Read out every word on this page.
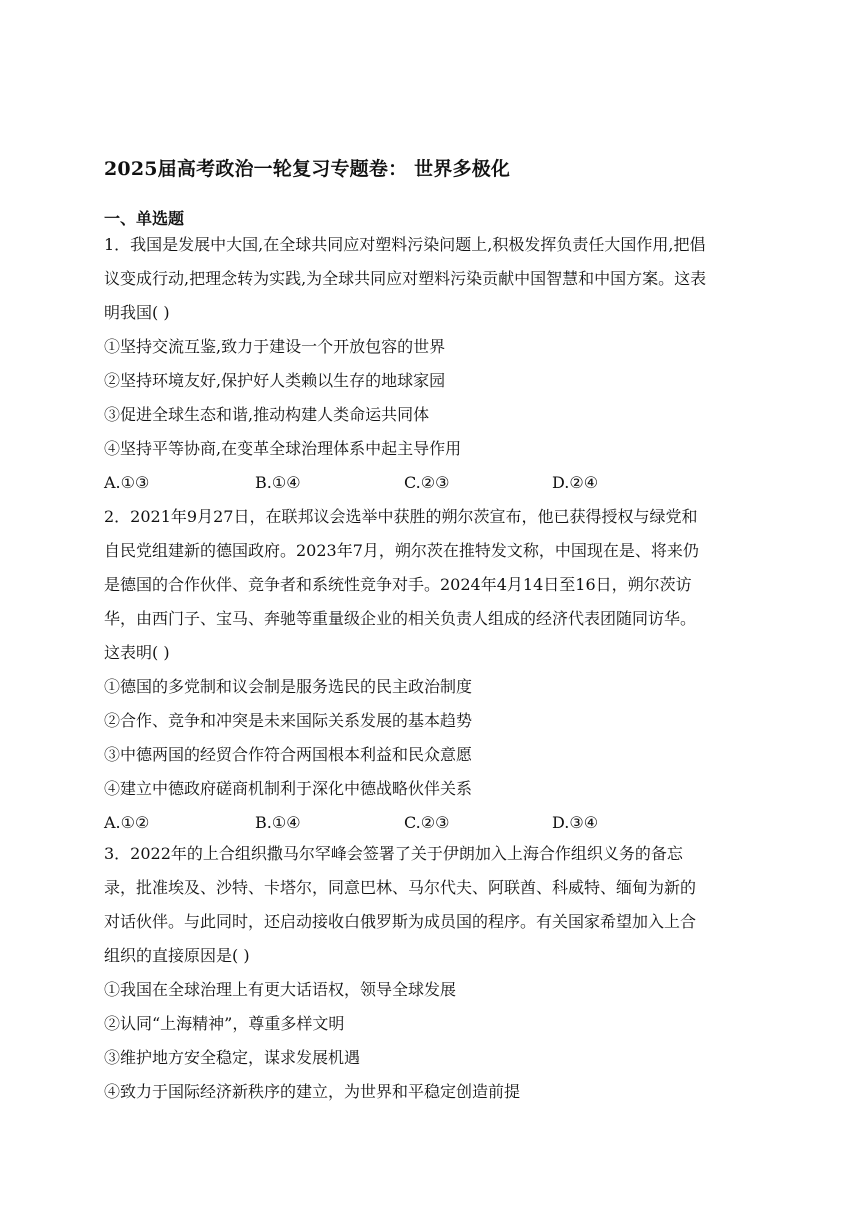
2025届高考政治一轮复习专题卷： 世界多极化
一、单选题
1．我国是发展中大国,在全球共同应对塑料污染问题上,积极发挥负责任大国作用,把倡
议变成行动,把理念转为实践,为全球共同应对塑料污染贡献中国智慧和中国方案。这表
明我国( )
①坚持交流互鉴,致力于建设一个开放包容的世界
②坚持环境友好,保护好人类赖以生存的地球家园
③促进全球生态和谐,推动构建人类命运共同体
④坚持平等协商,在变革全球治理体系中起主导作用
A.①③	B.①④	C.②③	D.②④
2．2021年9月27日，在联邦议会选举中获胜的朔尔茨宣布，他已获得授权与绿党和
自民党组建新的德国政府。2023年7月，朔尔茨在推特发文称，中国现在是、将来仍
是德国的合作伙伴、竞争者和系统性竞争对手。2024年4月14日至16日，朔尔茨访
华，由西门子、宝马、奔驰等重量级企业的相关负责人组成的经济代表团随同访华。
这表明( )
①德国的多党制和议会制是服务选民的民主政治制度
②合作、竞争和冲突是未来国际关系发展的基本趋势
③中德两国的经贸合作符合两国根本利益和民众意愿
④建立中德政府磋商机制利于深化中德战略伙伴关系
A.①②	B.①④	C.②③	D.③④
3．2022年的上合组织撒马尔罕峰会签署了关于伊朗加入上海合作组织义务的备忘
录，批准埃及、沙特、卡塔尔，同意巴林、马尔代夫、阿联酋、科威特、缅甸为新的
对话伙伴。与此同时，还启动接收白俄罗斯为成员国的程序。有关国家希望加入上合
组织的直接原因是( )
①我国在全球治理上有更大话语权，领导全球发展
②认同“上海精神”，尊重多样文明
③维护地方安全稳定，谋求发展机遇
④致力于国际经济新秩序的建立，为世界和平稳定创造前提
